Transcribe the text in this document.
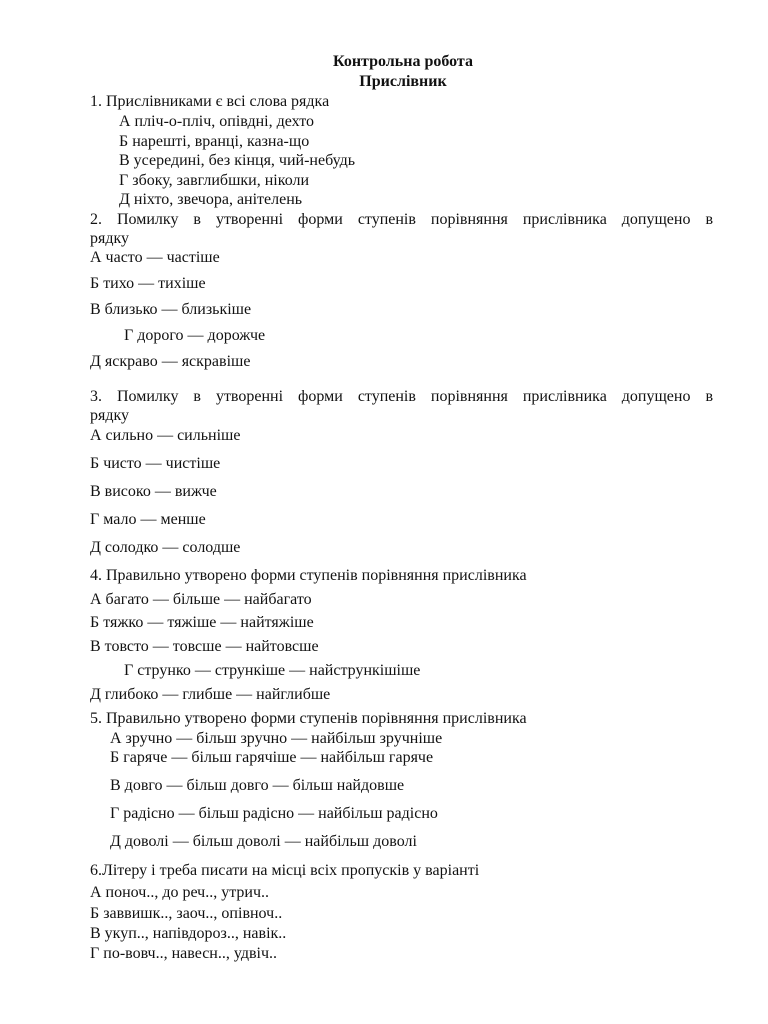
Контрольна робота
Прислівник
1. Прислівниками є всі слова рядка
А пліч-о-пліч, опівдні, дехто
Б нарешті, вранці, казна-що
В усередині, без кінця, чий-небудь
Г збоку, завглибшки, ніколи
Д ніхто, звечора, анітелень
2. Помилку в утворенні форми ступенів порівняння прислівника допущено в
рядку
А часто — частіше
Б тихо — тихіше
В близько — близькіше
Г дорого — дорожче
Д яскраво — яскравіше
3. Помилку в утворенні форми ступенів порівняння прислівника допущено в
рядку
А сильно — сильніше
Б чисто — чистіше
В високо — вижче
Г мало — менше
Д солодко — солодше
4. Правильно утворено форми ступенів порівняння прислівника
А багато — більше — найбагато
Б тяжко — тяжіше — найтяжіше
В товсто — товсше — найтовсше
Г струнко — стрункіше — найстрункішіше
Д глибоко — глибше — найглибше
5. Правильно утворено форми ступенів порівняння прислівника
А зручно — більш зручно — найбільш зручніше
Б гаряче — більш гарячіше — найбільш гаряче
В довго — більш довго — більш найдовше
Г радісно — більш радісно — найбільш радісно
Д доволі — більш доволі — найбільш доволі
6.Літеру і треба писати на місці всіх пропусків у варіанті
А поноч.., до реч.., утрич..
Б заввишк.., заоч.., опівноч..
В укуп.., напівдороз.., навік..
Г по-вовч.., навесн.., удвіч..
